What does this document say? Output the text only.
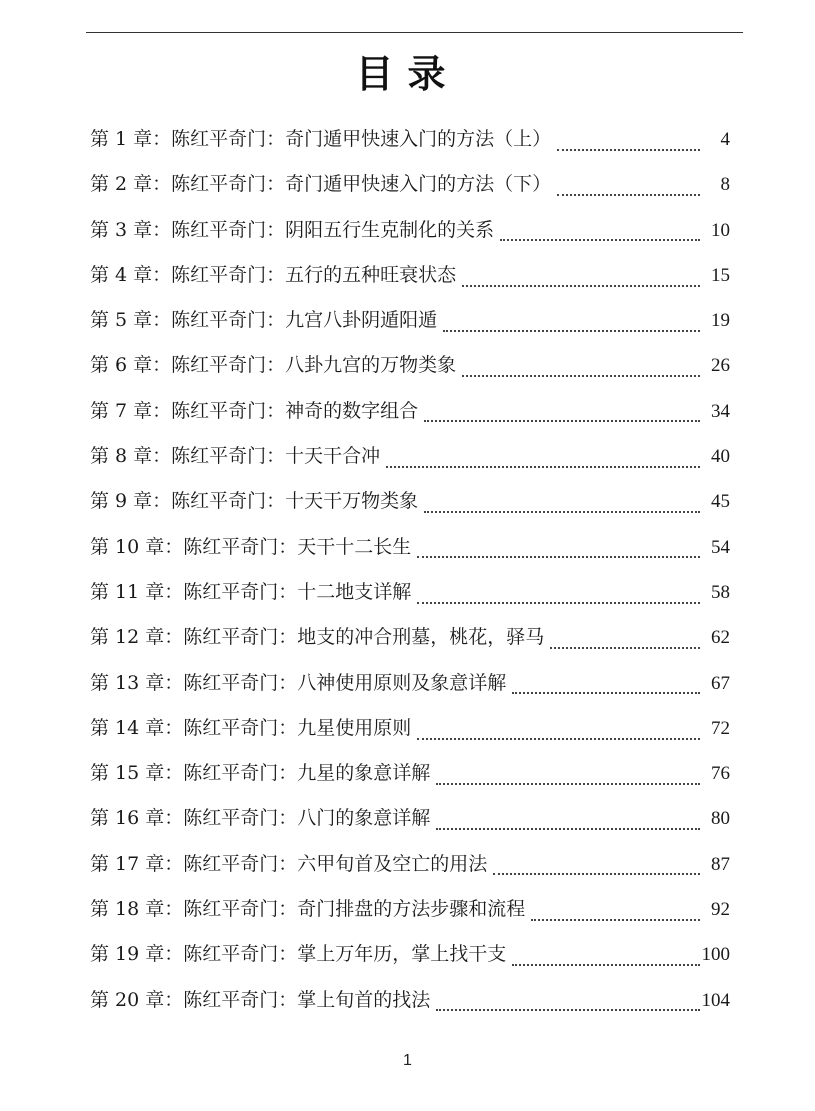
目录
第 1 章： 陈红平奇门：奇门遁甲快速入门的方法（上）	4
第 2 章： 陈红平奇门：奇门遁甲快速入门的方法（下）	8
第 3 章： 陈红平奇门：阴阳五行生克制化的关系	10
第 4 章： 陈红平奇门：五行的五种旺衰状态	15
第 5 章： 陈红平奇门：九宫八卦阴遁阳遁	19
第 6 章： 陈红平奇门：八卦九宫的万物类象	26
第 7 章： 陈红平奇门：神奇的数字组合	34
第 8 章： 陈红平奇门：十天干合冲	40
第 9 章： 陈红平奇门：十天干万物类象	45
第 10 章： 陈红平奇门：天干十二长生	54
第 11 章： 陈红平奇门：十二地支详解	58
第 12 章： 陈红平奇门：地支的冲合刑墓，桃花，驿马	62
第 13 章： 陈红平奇门：八神使用原则及象意详解	67
第 14 章： 陈红平奇门：九星使用原则	72
第 15 章： 陈红平奇门：九星的象意详解	76
第 16 章： 陈红平奇门：八门的象意详解	80
第 17 章： 陈红平奇门：六甲旬首及空亡的用法	87
第 18 章： 陈红平奇门：奇门排盘的方法步骤和流程	92
第 19 章： 陈红平奇门：掌上万年历，掌上找干支	100
第 20 章： 陈红平奇门：掌上旬首的找法	104
1
